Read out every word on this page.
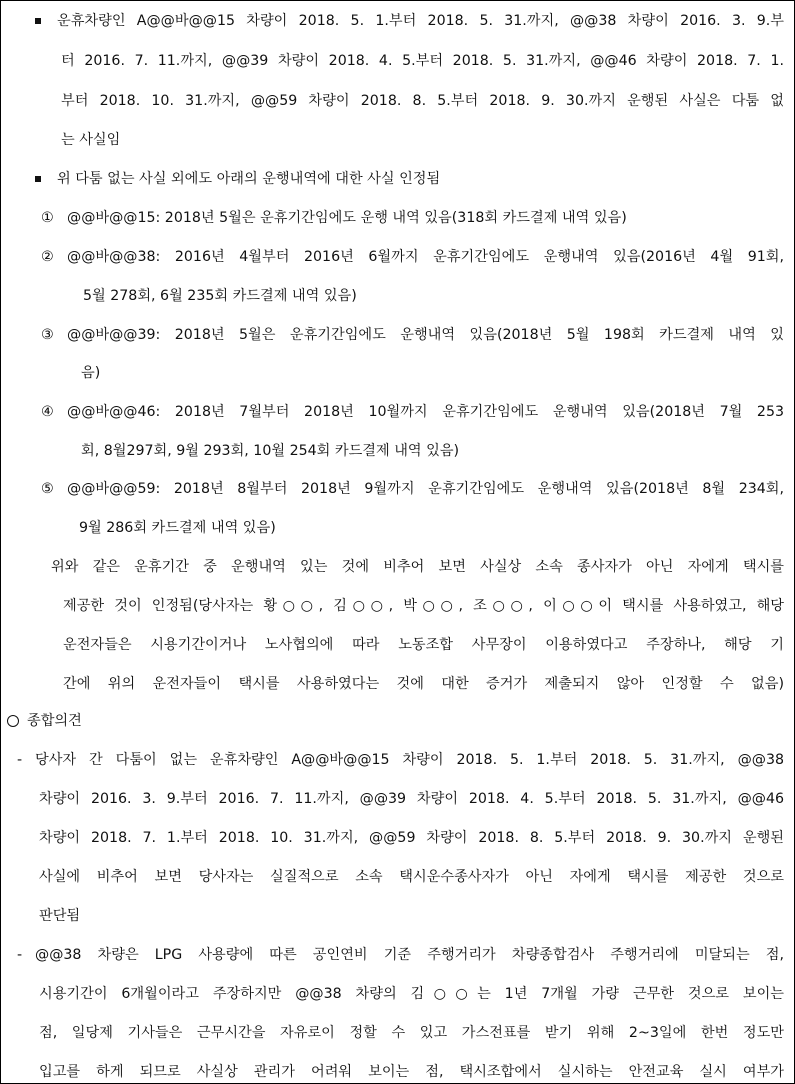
운휴차량인 A@@바@@15 차량이 2018. 5. 1.부터 2018. 5. 31.까지, @@38 차량이 2016. 3. 9.부
터 2016. 7. 11.까지, @@39 차량이 2018. 4. 5.부터 2018. 5. 31.까지, @@46 차량이 2018. 7. 1.
부터 2018. 10. 31.까지, @@59 차량이 2018. 8. 5.부터 2018. 9. 30.까지 운행된 사실은 다툼 없
는 사실임
위 다툼 없는 사실 외에도 아래의 운행내역에 대한 사실 인정됨
① @@바@@15: 2018년 5월은 운휴기간임에도 운행 내역 있음(318회 카드결제 내역 있음)
② @@바@@38: 2016년 4월부터 2016년 6월까지 운휴기간임에도 운행내역 있음(2016년 4월 91회,
5월 278회, 6월 235회 카드결제 내역 있음)
③ @@바@@39: 2018년 5월은 운휴기간임에도 운행내역 있음(2018년 5월 198회 카드결제 내역 있
음)
④ @@바@@46: 2018년 7월부터 2018년 10월까지 운휴기간임에도 운행내역 있음(2018년 7월 253
회, 8월297회, 9월 293회, 10월 254회 카드결제 내역 있음)
⑤ @@바@@59: 2018년 8월부터 2018년 9월까지 운휴기간임에도 운행내역 있음(2018년 8월 234회,
9월 286회 카드결제 내역 있음)
위와 같은 운휴기간 중 운행내역 있는 것에 비추어 보면 사실상 소속 종사자가 아닌 자에게 택시를
제공한 것이 인정됨(당사자는 황○○, 김○○, 박○○, 조○○, 이○○이 택시를 사용하였고, 해당
운전자들은 시용기간이거나 노사협의에 따라 노동조합 사무장이 이용하였다고 주장하나, 해당 기
간에 위의 운전자들이 택시를 사용하였다는 것에 대한 증거가 제출되지 않아 인정할 수 없음)
종합의견
- 당사자 간 다툼이 없는 운휴차량인 A@@바@@15 차량이 2018. 5. 1.부터 2018. 5. 31.까지, @@38
차량이 2016. 3. 9.부터 2016. 7. 11.까지, @@39 차량이 2018. 4. 5.부터 2018. 5. 31.까지, @@46
차량이 2018. 7. 1.부터 2018. 10. 31.까지, @@59 차량이 2018. 8. 5.부터 2018. 9. 30.까지 운행된
사실에 비추어 보면 당사자는 실질적으로 소속 택시운수종사자가 아닌 자에게 택시를 제공한 것으로
판단됨
- @@38 차량은 LPG 사용량에 따른 공인연비 기준 주행거리가 차량종합검사 주행거리에 미달되는 점,
시용기간이 6개월이라고 주장하지만 @@38 차량의 김○○는 1년 7개월 가량 근무한 것으로 보이는
점, 일당제 기사들은 근무시간을 자유로이 정할 수 있고 가스전표를 받기 위해 2~3일에 한번 정도만
입고를 하게 되므로 사실상 관리가 어려워 보이는 점, 택시조합에서 실시하는 안전교육 실시 여부가
